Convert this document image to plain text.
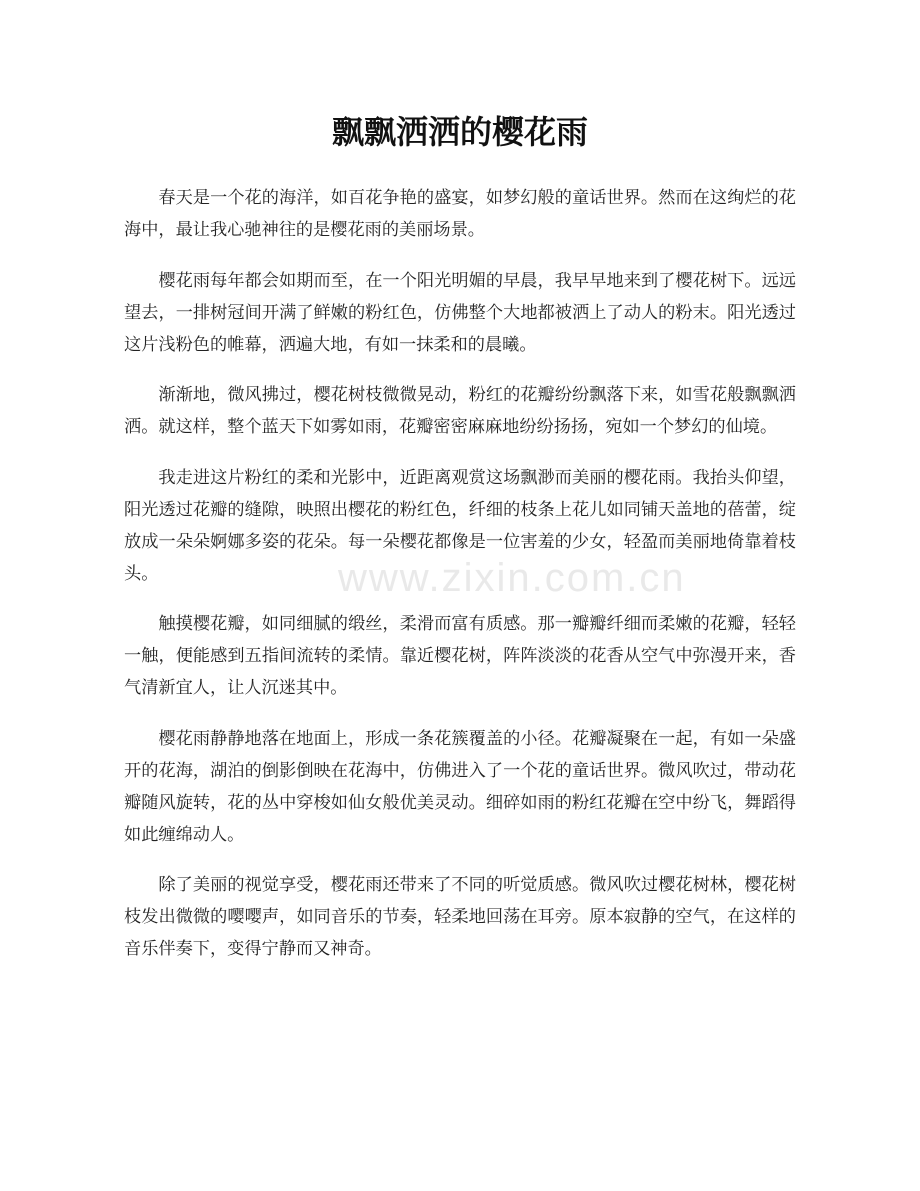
飘飘洒洒的樱花雨
www.zixin.com.cn

春天是一个花的海洋，如百花争艳的盛宴，如梦幻般的童话世界。然而在这绚烂的花海中，最让我心驰神往的是樱花雨的美丽场景。

樱花雨每年都会如期而至，在一个阳光明媚的早晨，我早早地来到了樱花树下。远远望去，一排树冠间开满了鲜嫩的粉红色，仿佛整个大地都被洒上了动人的粉末。阳光透过这片浅粉色的帷幕，洒遍大地，有如一抹柔和的晨曦。

渐渐地，微风拂过，樱花树枝微微晃动，粉红的花瓣纷纷飘落下来，如雪花般飘飘洒洒。就这样，整个蓝天下如雾如雨，花瓣密密麻麻地纷纷扬扬，宛如一个梦幻的仙境。

我走进这片粉红的柔和光影中，近距离观赏这场飘渺而美丽的樱花雨。我抬头仰望，阳光透过花瓣的缝隙，映照出樱花的粉红色，纤细的枝条上花儿如同铺天盖地的蓓蕾，绽放成一朵朵婀娜多姿的花朵。每一朵樱花都像是一位害羞的少女，轻盈而美丽地倚靠着枝头。

触摸樱花瓣，如同细腻的缎丝，柔滑而富有质感。那一瓣瓣纤细而柔嫩的花瓣，轻轻一触，便能感到五指间流转的柔情。靠近樱花树，阵阵淡淡的花香从空气中弥漫开来，香气清新宜人，让人沉迷其中。

樱花雨静静地落在地面上，形成一条花簇覆盖的小径。花瓣凝聚在一起，有如一朵盛开的花海，湖泊的倒影倒映在花海中，仿佛进入了一个花的童话世界。微风吹过，带动花瓣随风旋转，花的丛中穿梭如仙女般优美灵动。细碎如雨的粉红花瓣在空中纷飞，舞蹈得如此缠绵动人。

除了美丽的视觉享受，樱花雨还带来了不同的听觉质感。微风吹过樱花树林，樱花树枝发出微微的嘤嘤声，如同音乐的节奏，轻柔地回荡在耳旁。原本寂静的空气，在这样的音乐伴奏下，变得宁静而又神奇。
